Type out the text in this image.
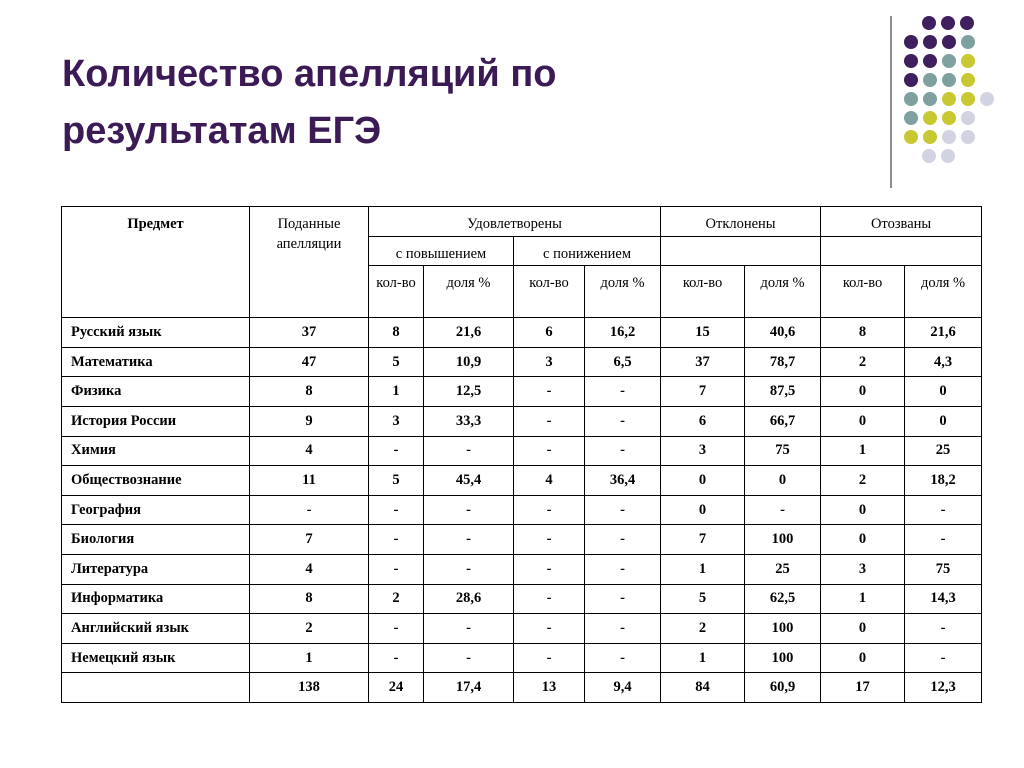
Количество апелляций по результатам ЕГЭ
Предмет	Поданные апелляции	Удовлетворены				Отклонены		Отозваны	
		с повышением		с понижением					
		кол-во	доля %	кол-во	доля %	кол-во	доля %	кол-во	доля %
Русский язык	37	8	21,6	6	16,2	15	40,6	8	21,6
Математика	47	5	10,9	3	6,5	37	78,7	2	4,3
Физика	8	1	12,5	-	-	7	87,5	0	0
История России	9	3	33,3	-	-	6	66,7	0	0
Химия	4	-	-	-	-	3	75	1	25
Обществознание	11	5	45,4	4	36,4	0	0	2	18,2
География	-	-	-	-	-	0	-	0	-
Биология	7	-	-	-	-	7	100	0	-
Литература	4	-	-	-	-	1	25	3	75
Информатика	8	2	28,6	-	-	5	62,5	1	14,3
Английский язык	2	-	-	-	-	2	100	0	-
Немецкий язык	1	-	-	-	-	1	100	0	-
	138	24	17,4	13	9,4	84	60,9	17	12,3
